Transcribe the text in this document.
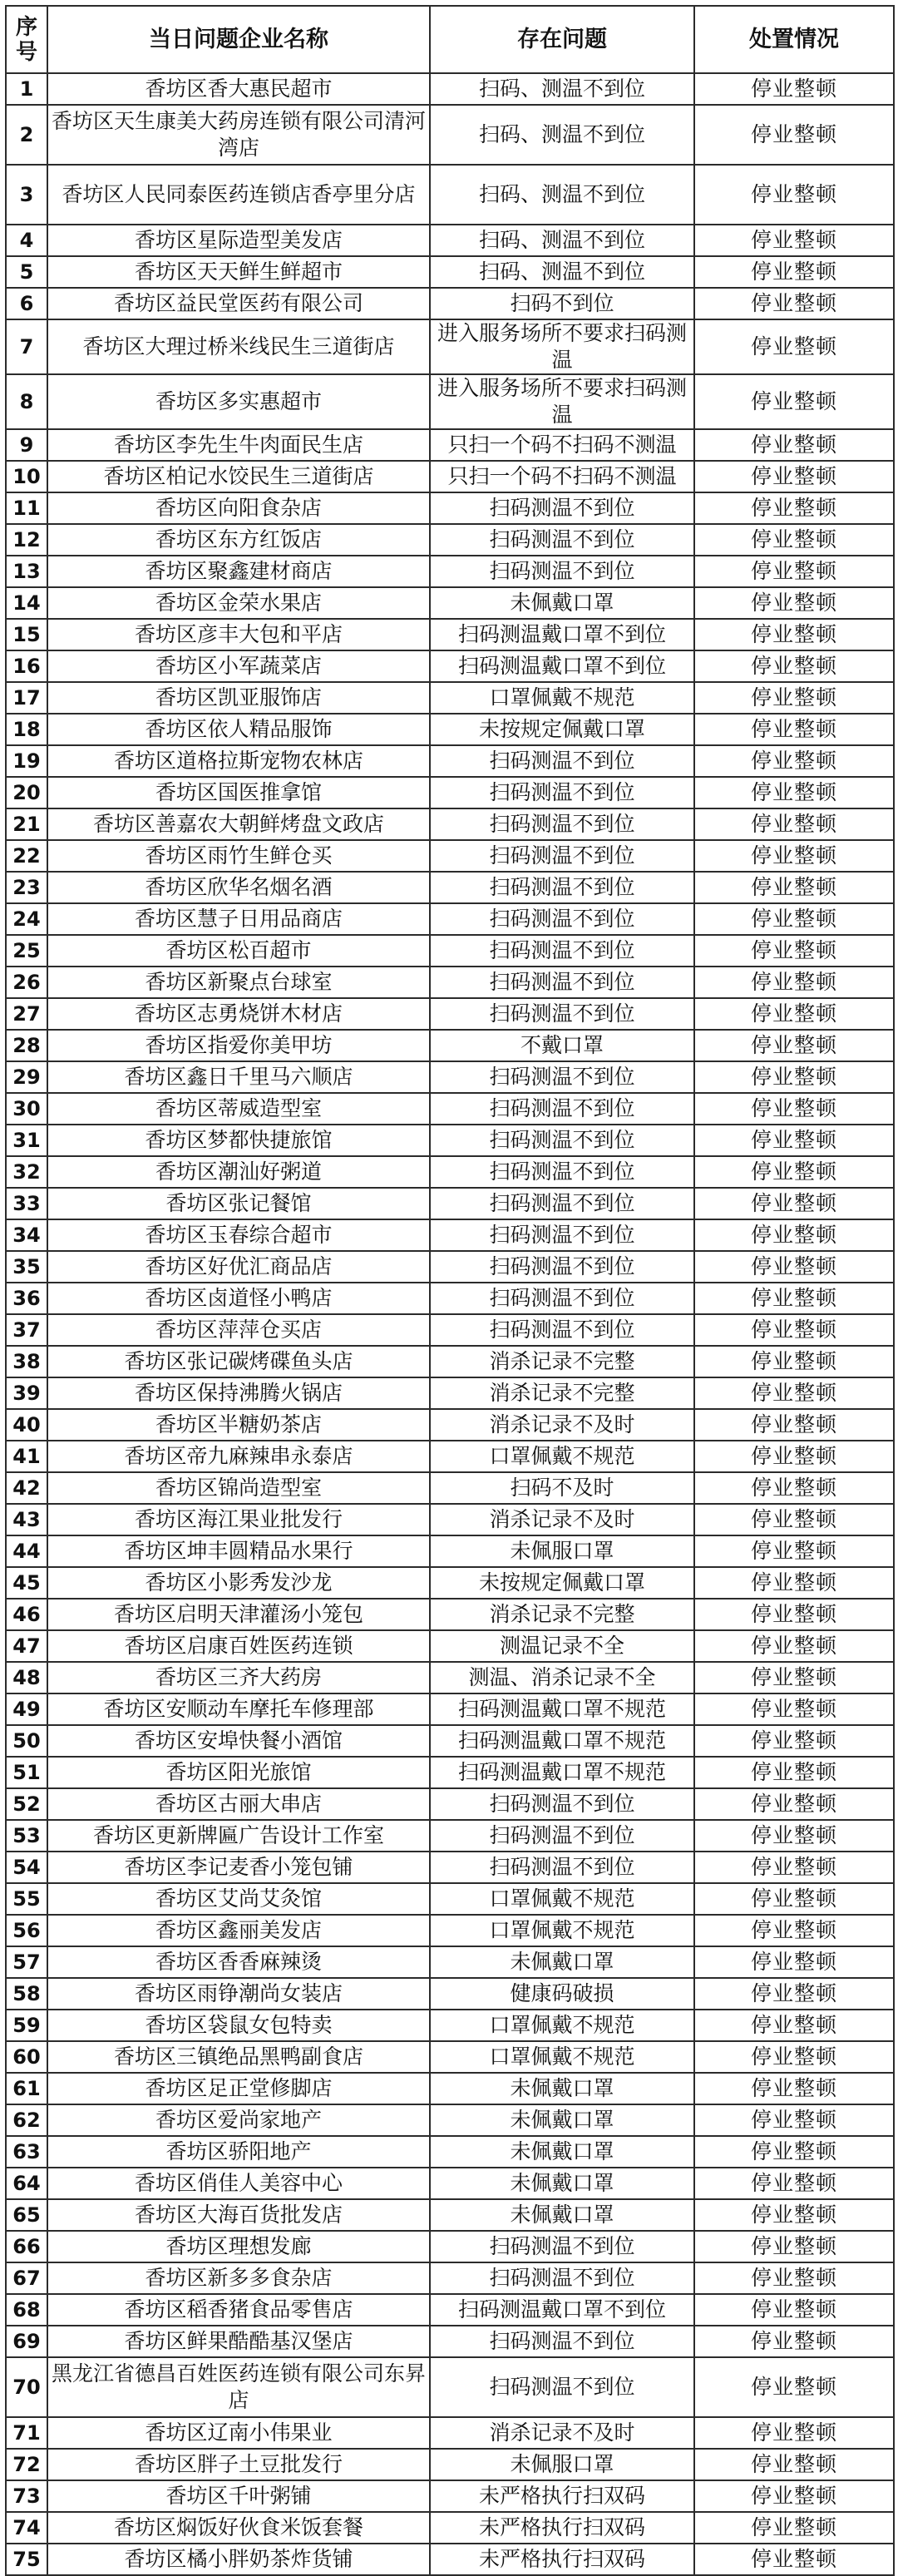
序号	当日问题企业名称	存在问题	处置情况
1	香坊区香大惠民超市	扫码、测温不到位	停业整顿
2	香坊区天生康美大药房连锁有限公司清河湾店	扫码、测温不到位	停业整顿
3	香坊区人民同泰医药连锁店香亭里分店	扫码、测温不到位	停业整顿
4	香坊区星际造型美发店	扫码、测温不到位	停业整顿
5	香坊区天天鲜生鲜超市	扫码、测温不到位	停业整顿
6	香坊区益民堂医药有限公司	扫码不到位	停业整顿
7	香坊区大理过桥米线民生三道街店	进入服务场所不要求扫码测温	停业整顿
8	香坊区多实惠超市	进入服务场所不要求扫码测温	停业整顿
9	香坊区李先生牛肉面民生店	只扫一个码不扫码不测温	停业整顿
10	香坊区柏记水饺民生三道街店	只扫一个码不扫码不测温	停业整顿
11	香坊区向阳食杂店	扫码测温不到位	停业整顿
12	香坊区东方红饭店	扫码测温不到位	停业整顿
13	香坊区聚鑫建材商店	扫码测温不到位	停业整顿
14	香坊区金荣水果店	未佩戴口罩	停业整顿
15	香坊区彦丰大包和平店	扫码测温戴口罩不到位	停业整顿
16	香坊区小军蔬菜店	扫码测温戴口罩不到位	停业整顿
17	香坊区凯亚服饰店	口罩佩戴不规范	停业整顿
18	香坊区依人精品服饰	未按规定佩戴口罩	停业整顿
19	香坊区道格拉斯宠物农林店	扫码测温不到位	停业整顿
20	香坊区国医推拿馆	扫码测温不到位	停业整顿
21	香坊区善嘉农大朝鲜烤盘文政店	扫码测温不到位	停业整顿
22	香坊区雨竹生鲜仓买	扫码测温不到位	停业整顿
23	香坊区欣华名烟名酒	扫码测温不到位	停业整顿
24	香坊区慧子日用品商店	扫码测温不到位	停业整顿
25	香坊区松百超市	扫码测温不到位	停业整顿
26	香坊区新聚点台球室	扫码测温不到位	停业整顿
27	香坊区志勇烧饼木材店	扫码测温不到位	停业整顿
28	香坊区指爱你美甲坊	不戴口罩	停业整顿
29	香坊区鑫日千里马六顺店	扫码测温不到位	停业整顿
30	香坊区蒂威造型室	扫码测温不到位	停业整顿
31	香坊区梦都快捷旅馆	扫码测温不到位	停业整顿
32	香坊区潮汕好粥道	扫码测温不到位	停业整顿
33	香坊区张记餐馆	扫码测温不到位	停业整顿
34	香坊区玉春综合超市	扫码测温不到位	停业整顿
35	香坊区好优汇商品店	扫码测温不到位	停业整顿
36	香坊区卤道怪小鸭店	扫码测温不到位	停业整顿
37	香坊区萍萍仓买店	扫码测温不到位	停业整顿
38	香坊区张记碳烤碟鱼头店	消杀记录不完整	停业整顿
39	香坊区保持沸腾火锅店	消杀记录不完整	停业整顿
40	香坊区半糖奶茶店	消杀记录不及时	停业整顿
41	香坊区帝九麻辣串永泰店	口罩佩戴不规范	停业整顿
42	香坊区锦尚造型室	扫码不及时	停业整顿
43	香坊区海江果业批发行	消杀记录不及时	停业整顿
44	香坊区坤丰圆精品水果行	未佩服口罩	停业整顿
45	香坊区小影秀发沙龙	未按规定佩戴口罩	停业整顿
46	香坊区启明天津灌汤小笼包	消杀记录不完整	停业整顿
47	香坊区启康百姓医药连锁	测温记录不全	停业整顿
48	香坊区三齐大药房	测温、消杀记录不全	停业整顿
49	香坊区安顺动车摩托车修理部	扫码测温戴口罩不规范	停业整顿
50	香坊区安埠快餐小酒馆	扫码测温戴口罩不规范	停业整顿
51	香坊区阳光旅馆	扫码测温戴口罩不规范	停业整顿
52	香坊区古丽大串店	扫码测温不到位	停业整顿
53	香坊区更新牌匾广告设计工作室	扫码测温不到位	停业整顿
54	香坊区李记麦香小笼包铺	扫码测温不到位	停业整顿
55	香坊区艾尚艾灸馆	口罩佩戴不规范	停业整顿
56	香坊区鑫丽美发店	口罩佩戴不规范	停业整顿
57	香坊区香香麻辣烫	未佩戴口罩	停业整顿
58	香坊区雨铮潮尚女装店	健康码破损	停业整顿
59	香坊区袋鼠女包特卖	口罩佩戴不规范	停业整顿
60	香坊区三镇绝品黑鸭副食店	口罩佩戴不规范	停业整顿
61	香坊区足正堂修脚店	未佩戴口罩	停业整顿
62	香坊区爱尚家地产	未佩戴口罩	停业整顿
63	香坊区骄阳地产	未佩戴口罩	停业整顿
64	香坊区俏佳人美容中心	未佩戴口罩	停业整顿
65	香坊区大海百货批发店	未佩戴口罩	停业整顿
66	香坊区理想发廊	扫码测温不到位	停业整顿
67	香坊区新多多食杂店	扫码测温不到位	停业整顿
68	香坊区稻香猪食品零售店	扫码测温戴口罩不到位	停业整顿
69	香坊区鲜果酷酷基汉堡店	扫码测温不到位	停业整顿
70	黑龙江省德昌百姓医药连锁有限公司东昇店	扫码测温不到位	停业整顿
71	香坊区辽南小伟果业	消杀记录不及时	停业整顿
72	香坊区胖子土豆批发行	未佩服口罩	停业整顿
73	香坊区千叶粥铺	未严格执行扫双码	停业整顿
74	香坊区焖饭好伙食米饭套餐	未严格执行扫双码	停业整顿
75	香坊区橘小胖奶茶炸货铺	未严格执行扫双码	停业整顿
